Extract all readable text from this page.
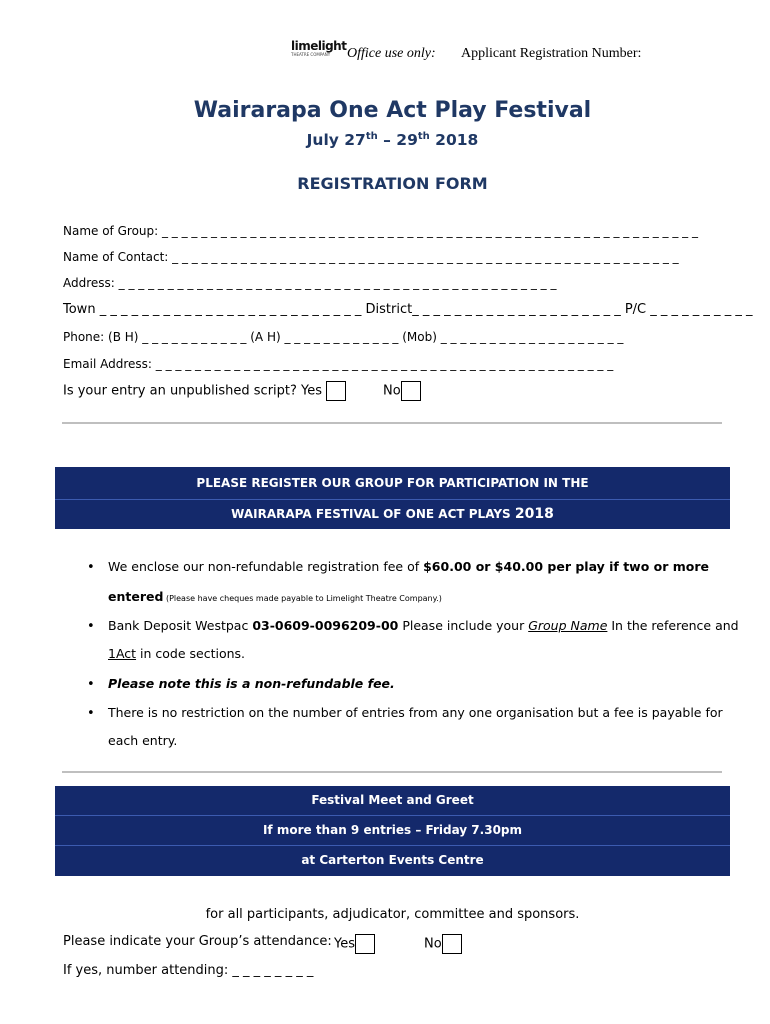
limelight
THEATRE COMPANY	Office use only: Applicant Registration Number:
Wairarapa One Act Play Festival
July 27th – 29th 2018
REGISTRATION FORM
Name of Group: _ _ _ _ _ _ _ _ _ _ _ _ _ _ _ _ _ _ _ _ _ _ _ _ _ _ _ _ _ _ _ _ _ _ _ _ _ _ _ _ _ _ _ _ _ _ _ _ _ _ _ _ _ _ _
Name of Contact: _ _ _ _ _ _ _ _ _ _ _ _ _ _ _ _ _ _ _ _ _ _ _ _ _ _ _ _ _ _ _ _ _ _ _ _ _ _ _ _ _ _ _ _ _ _ _ _ _ _ _ _
Address: _ _ _ _ _ _ _ _ _ _ _ _ _ _ _ _ _ _ _ _ _ _ _ _ _ _ _ _ _ _ _ _ _ _ _ _ _ _ _ _ _ _ _ _ _
Town _ _ _ _ _ _ _ _ _ _ _ _ _ _ _ _ _ _ _ _ _ _ _ _ _ District_ _ _ _ _ _ _ _ _ _ _ _ _ _ _ _ _ _ _ _ P/C _ _ _ _ _ _ _ _ _ _
Phone: (B H) _ _ _ _ _ _ _ _ _ _ _ (A H) _ _ _ _ _ _ _ _ _ _ _ _ (Mob) _ _ _ _ _ _ _ _ _ _ _ _ _ _ _ _ _ _ _
Email Address: _ _ _ _ _ _ _ _ _ _ _ _ _ _ _ _ _ _ _ _ _ _ _ _ _ _ _ _ _ _ _ _ _ _ _ _ _ _ _ _ _ _ _ _ _ _ _
Is your entry an unpublished script? Yes	No
PLEASE REGISTER OUR GROUP FOR PARTICIPATION IN THE
WAIRARAPA FESTIVAL OF ONE ACT PLAYS 2018
• We enclose our non-refundable registration fee of $60.00 or $40.00 per play if two or more
entered (Please have cheques made payable to Limelight Theatre Company.)
• Bank Deposit Westpac 03-0609-0096209-00 Please include your Group Name In the reference and
1Act in code sections.
• Please note this is a non-refundable fee.
• There is no restriction on the number of entries from any one organisation but a fee is payable for
each entry.
Festival Meet and Greet
If more than 9 entries – Friday 7.30pm
at Carterton Events Centre
for all participants, adjudicator, committee and sponsors.
Please indicate your Group’s attendance: Yes	No
If yes, number attending: _ _ _ _ _ _ _ _
